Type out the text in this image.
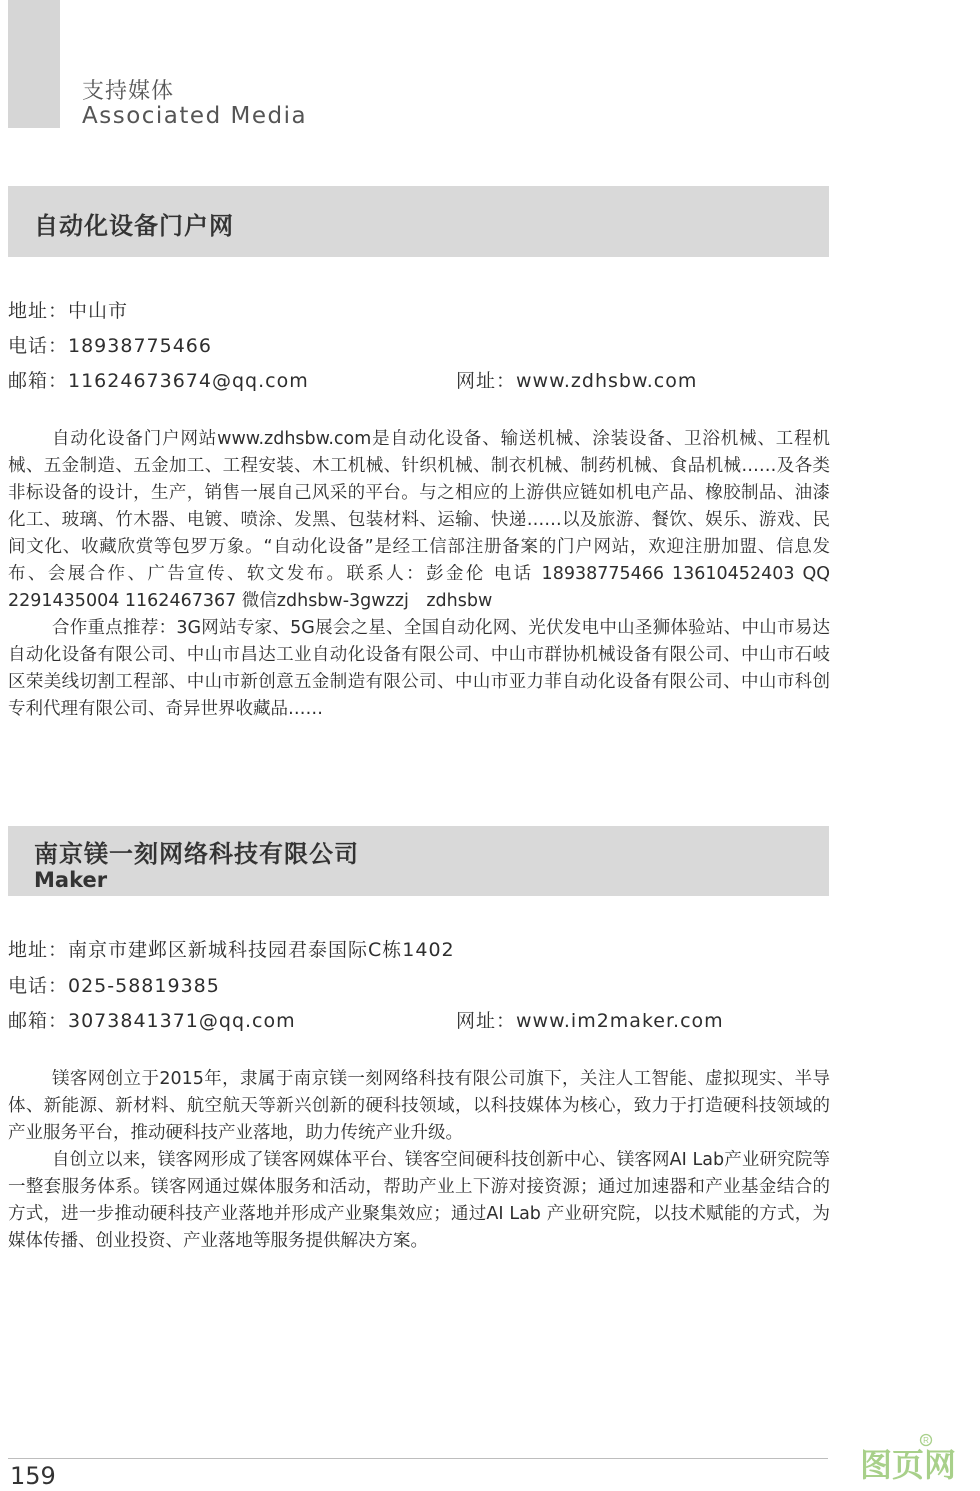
支持媒体
Associated Media
自动化设备门户网
地址：中山市
电话：18938775466
邮箱：11624673674@qq.com	网址：www.zdhsbw.com

自动化设备门户网站www.zdhsbw.com是自动化设备、输送机械、涂装设备、卫浴机械、工程机械、五金制造、五金加工、工程安装、木工机械、针织机械、制衣机械、制药机械、食品机械……及各类非标设备的设计，生产，销售一展自己风采的平台。与之相应的上游供应链如机电产品、橡胶制品、油漆化工、玻璃、竹木器、电镀、喷涂、发黑、包装材料、运输、快递……以及旅游、餐饮、娱乐、游戏、民间文化、收藏欣赏等包罗万象。“自动化设备”是经工信部注册备案的门户网站，欢迎注册加盟、信息发布、会展合作、广告宣传、软文发布。联系人：彭金伦 电话 18938775466 13610452403 QQ 2291435004 1162467367 微信zdhsbw-3gwzzj　zdhsbw

合作重点推荐：3G网站专家、5G展会之星、全国自动化网、光伏发电中山圣狮体验站、中山市易达自动化设备有限公司、中山市昌达工业自动化设备有限公司、中山市群协机械设备有限公司、中山市石岐区荣美线切割工程部、中山市新创意五金制造有限公司、中山市亚力菲自动化设备有限公司、中山市科创专利代理有限公司、奇异世界收藏品……

南京镁一刻网络科技有限公司
Maker
地址：南京市建邺区新城科技园君泰国际C栋1402
电话：025-58819385
邮箱：3073841371@qq.com	网址：www.im2maker.com

镁客网创立于2015年，隶属于南京镁一刻网络科技有限公司旗下，关注人工智能、虚拟现实、半导体、新能源、新材料、航空航天等新兴创新的硬科技领域，以科技媒体为核心，致力于打造硬科技领域的产业服务平台，推动硬科技产业落地，助力传统产业升级。

自创立以来，镁客网形成了镁客网媒体平台、镁客空间硬科技创新中心、镁客网AI Lab产业研究院等一整套服务体系。镁客网通过媒体服务和活动，帮助产业上下游对接资源；通过加速器和产业基金结合的方式，进一步推动硬科技产业落地并形成产业聚集效应；通过AI Lab 产业研究院，以技术赋能的方式，为媒体传播、创业投资、产业落地等服务提供解决方案。

159
R
图页网
